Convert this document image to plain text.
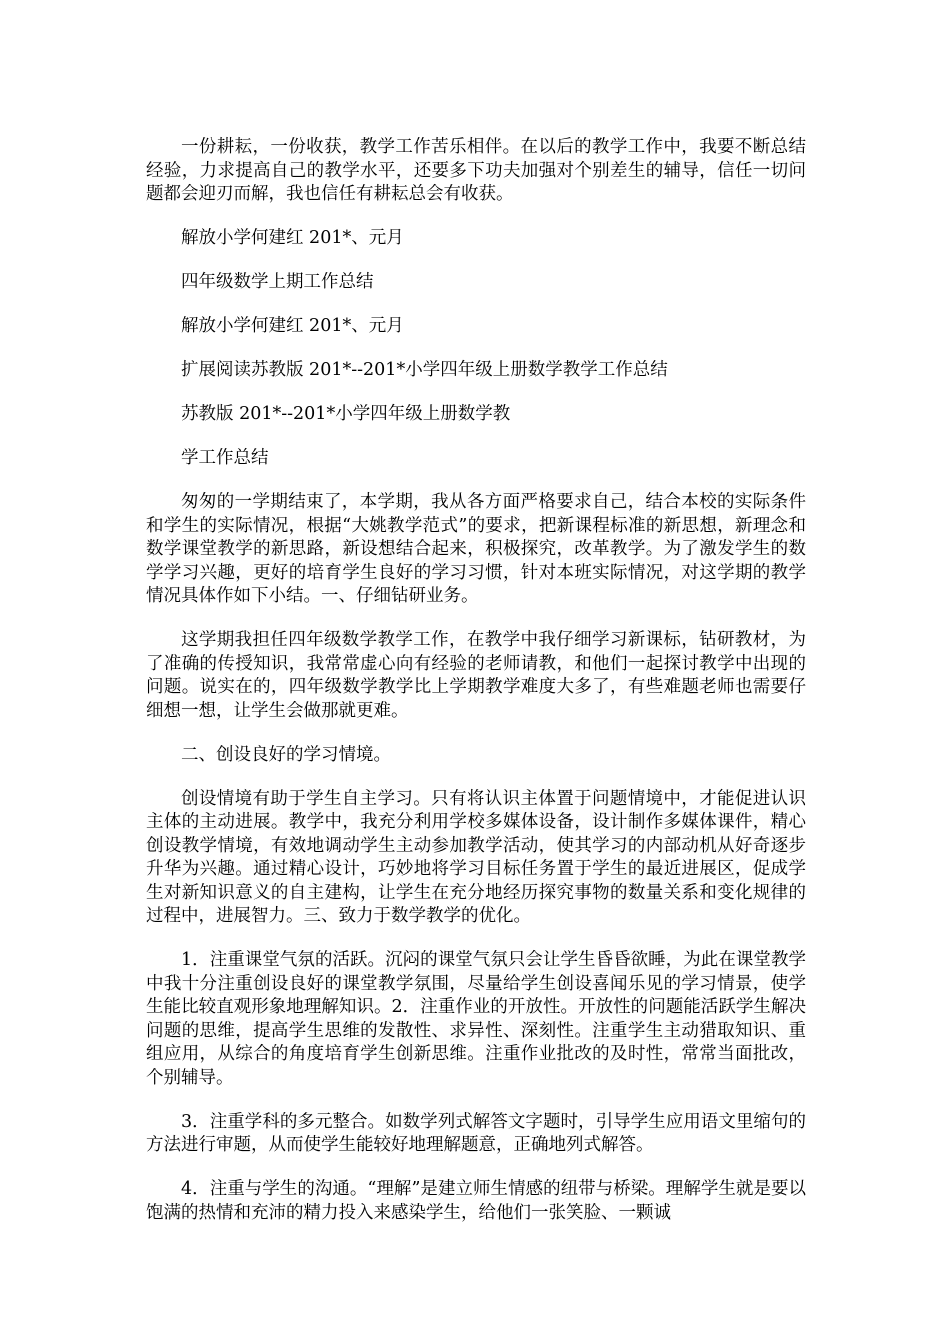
一份耕耘，一份收获，教学工作苦乐相伴。在以后的教学工作中，我要不断总结经验，力求提高自己的教学水平，还要多下功夫加强对个别差生的辅导，信任一切问题都会迎刃而解，我也信任有耕耘总会有收获。

解放小学何建红 201*、元月

四年级数学上期工作总结

解放小学何建红 201*、元月

扩展阅读苏教版 201*--201*小学四年级上册数学教学工作总结

苏教版 201*--201*小学四年级上册数学教

学工作总结

匆匆的一学期结束了，本学期，我从各方面严格要求自己，结合本校的实际条件和学生的实际情况，根据“大姚教学范式”的要求，把新课程标准的新思想，新理念和数学课堂教学的新思路，新设想结合起来，积极探究，改革教学。为了激发学生的数学学习兴趣，更好的培育学生良好的学习习惯，针对本班实际情况，对这学期的教学情况具体作如下小结。一、仔细钻研业务。

这学期我担任四年级数学教学工作，在教学中我仔细学习新课标，钻研教材，为了准确的传授知识，我常常虚心向有经验的老师请教，和他们一起探讨教学中出现的问题。说实在的，四年级数学教学比上学期教学难度大多了，有些难题老师也需要仔细想一想，让学生会做那就更难。

二、创设良好的学习情境。

创设情境有助于学生自主学习。只有将认识主体置于问题情境中，才能促进认识主体的主动进展。教学中，我充分利用学校多媒体设备，设计制作多媒体课件，精心创设教学情境，有效地调动学生主动参加教学活动，使其学习的内部动机从好奇逐步升华为兴趣。通过精心设计，巧妙地将学习目标任务置于学生的最近进展区，促成学生对新知识意义的自主建构，让学生在充分地经历探究事物的数量关系和变化规律的过程中，进展智力。三、致力于数学教学的优化。

1．注重课堂气氛的活跃。沉闷的课堂气氛只会让学生昏昏欲睡，为此在课堂教学中我十分注重创设良好的课堂教学氛围，尽量给学生创设喜闻乐见的学习情景，使学生能比较直观形象地理解知识。2．注重作业的开放性。开放性的问题能活跃学生解决问题的思维，提高学生思维的发散性、求异性、深刻性。注重学生主动猎取知识、重组应用，从综合的角度培育学生创新思维。注重作业批改的及时性，常常当面批改，个别辅导。

3．注重学科的多元整合。如数学列式解答文字题时，引导学生应用语文里缩句的方法进行审题，从而使学生能较好地理解题意，正确地列式解答。

4．注重与学生的沟通。“理解”是建立师生情感的纽带与桥梁。理解学生就是要以饱满的热情和充沛的精力投入来感染学生，给他们一张笑脸、一颗诚
